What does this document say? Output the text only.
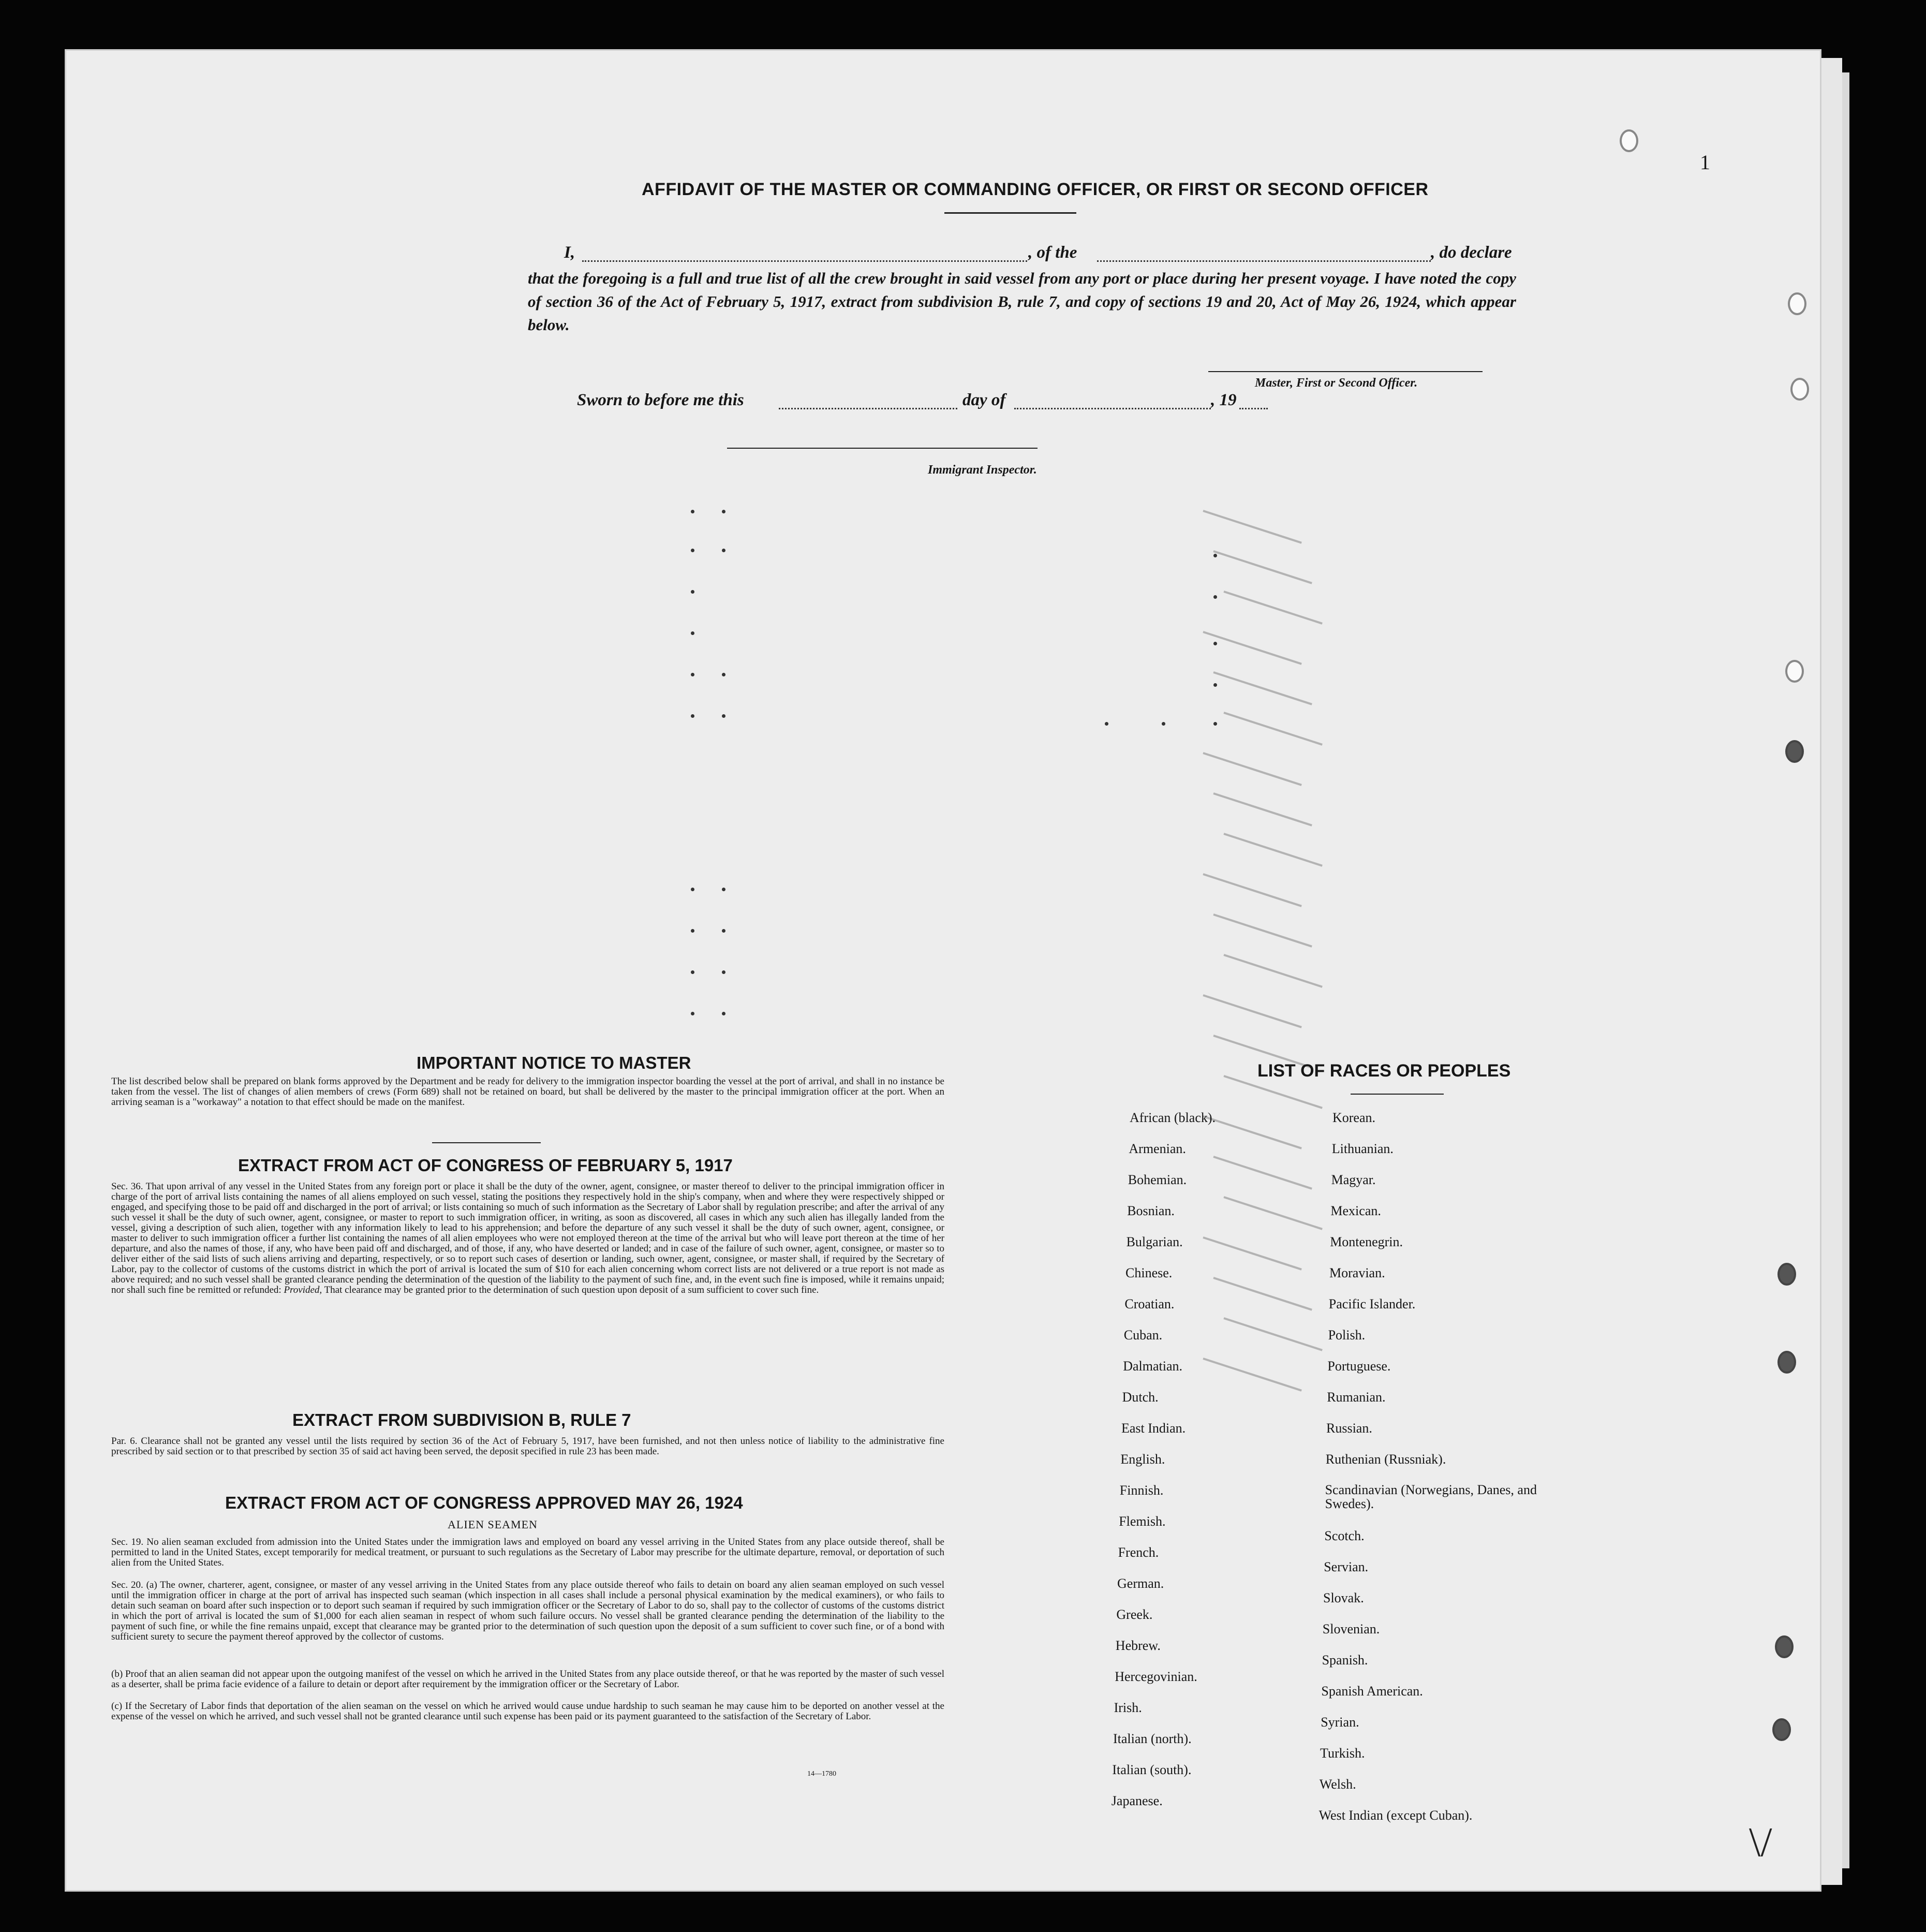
AFFIDAVIT OF THE MASTER OR COMMANDING OFFICER, OR FIRST OR SECOND OFFICER
I,	, of the	, do declare
that the foregoing is a full and true list of all the crew brought in said vessel from any port or place during her present voyage. I have noted the copy of section 36 of the Act of February 5, 1917, extract from subdivision B, rule 7, and copy of sections 19 and 20, Act of May 26, 1924, which appear below.
Master, First or Second Officer.
Sworn to before me this	day of	, 19
Immigrant Inspector.
IMPORTANT NOTICE TO MASTER
The list described below shall be prepared on blank forms approved by the Department and be ready for delivery to the immigration inspector boarding the vessel at the port of arrival, and shall in no instance be taken from the vessel. The list of changes of alien members of crews (Form 689) shall not be retained on board, but shall be delivered by the master to the principal immigration officer at the port. When an arriving seaman is a "workaway" a notation to that effect should be made on the manifest.
EXTRACT FROM ACT OF CONGRESS OF FEBRUARY 5, 1917
Sec. 36. That upon arrival of any vessel in the United States from any foreign port or place it shall be the duty of the owner, agent, consignee, or master thereof to deliver to the principal immigration officer in charge of the port of arrival lists containing the names of all aliens employed on such vessel, stating the positions they respectively hold in the ship's company, when and where they were respectively shipped or engaged, and specifying those to be paid off and discharged in the port of arrival; or lists containing so much of such information as the Secretary of Labor shall by regulation prescribe; and after the arrival of any such vessel it shall be the duty of such owner, agent, consignee, or master to report to such immigration officer, in writing, as soon as discovered, all cases in which any such alien has illegally landed from the vessel, giving a description of such alien, together with any information likely to lead to his apprehension; and before the departure of any such vessel it shall be the duty of such owner, agent, consignee, or master to deliver to such immigration officer a further list containing the names of all alien employees who were not employed thereon at the time of the arrival but who will leave port thereon at the time of her departure, and also the names of those, if any, who have been paid off and discharged, and of those, if any, who have deserted or landed; and in case of the failure of such owner, agent, consignee, or master so to deliver either of the said lists of such aliens arriving and departing, respectively, or so to report such cases of desertion or landing, such owner, agent, consignee, or master shall, if required by the Secretary of Labor, pay to the collector of customs of the customs district in which the port of arrival is located the sum of $10 for each alien concerning whom correct lists are not delivered or a true report is not made as above required; and no such vessel shall be granted clearance pending the determination of the question of the liability to the payment of such fine, and, in the event such fine is imposed, while it remains unpaid; nor shall such fine be remitted or refunded: Provided, That clearance may be granted prior to the determination of such question upon deposit of a sum sufficient to cover such fine.
EXTRACT FROM SUBDIVISION B, RULE 7
Par. 6. Clearance shall not be granted any vessel until the lists required by section 36 of the Act of February 5, 1917, have been furnished, and not then unless notice of liability to the administrative fine prescribed by said section or to that prescribed by section 35 of said act having been served, the deposit specified in rule 23 has been made.
EXTRACT FROM ACT OF CONGRESS APPROVED MAY 26, 1924
ALIEN SEAMEN
Sec. 19. No alien seaman excluded from admission into the United States under the immigration laws and employed on board any vessel arriving in the United States from any place outside thereof, shall be permitted to land in the United States, except temporarily for medical treatment, or pursuant to such regulations as the Secretary of Labor may prescribe for the ultimate departure, removal, or deportation of such alien from the United States.
Sec. 20. (a) The owner, charterer, agent, consignee, or master of any vessel arriving in the United States from any place outside thereof who fails to detain on board any alien seaman employed on such vessel until the immigration officer in charge at the port of arrival has inspected such seaman (which inspection in all cases shall include a personal physical examination by the medical examiners), or who fails to detain such seaman on board after such inspection or to deport such seaman if required by such immigration officer or the Secretary of Labor to do so, shall pay to the collector of customs of the customs district in which the port of arrival is located the sum of $1,000 for each alien seaman in respect of whom such failure occurs. No vessel shall be granted clearance pending the determination of the liability to the payment of such fine, or while the fine remains unpaid, except that clearance may be granted prior to the determination of such question upon the deposit of a sum sufficient to cover such fine, or of a bond with sufficient surety to secure the payment thereof approved by the collector of customs.
(b) Proof that an alien seaman did not appear upon the outgoing manifest of the vessel on which he arrived in the United States from any place outside thereof, or that he was reported by the master of such vessel as a deserter, shall be prima facie evidence of a failure to detain or deport after requirement by the immigration officer or the Secretary of Labor.
(c) If the Secretary of Labor finds that deportation of the alien seaman on the vessel on which he arrived would cause undue hardship to such seaman he may cause him to be deported on another vessel at the expense of the vessel on which he arrived, and such vessel shall not be granted clearance until such expense has been paid or its payment guaranteed to the satisfaction of the Secretary of Labor.
14—1780
LIST OF RACES OR PEOPLES
1
\/
African (black).
Armenian.
Bohemian.
Bosnian.
Bulgarian.
Chinese.
Croatian.
Cuban.
Dalmatian.
Dutch.
East Indian.
English.
Finnish.
Flemish.
French.
German.
Greek.
Hebrew.
Hercegovinian.
Irish.
Italian (north).
Italian (south).
Japanese.
Korean.
Lithuanian.
Magyar.
Mexican.
Montenegrin.
Moravian.
Pacific Islander.
Polish.
Portuguese.
Rumanian.
Russian.
Ruthenian (Russniak).
Scandinavian (Norwegians, Danes, and Swedes).
Scotch.
Servian.
Slovak.
Slovenian.
Spanish.
Spanish American.
Syrian.
Turkish.
Welsh.
West Indian (except Cuban).
